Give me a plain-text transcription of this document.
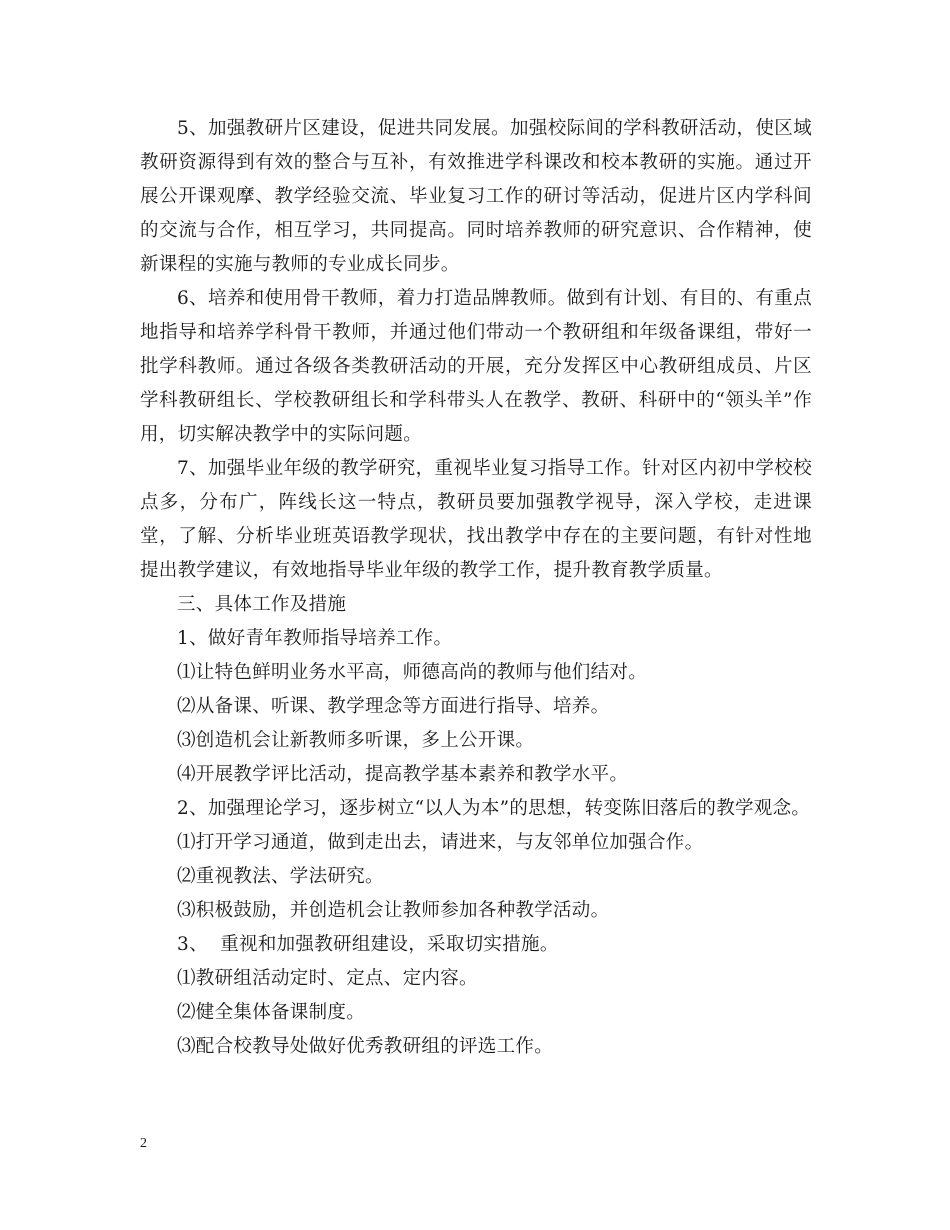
5、加强教研片区建设，促进共同发展。加强校际间的学科教研活动，使区域教研资源得到有效的整合与互补，有效推进学科课改和校本教研的实施。通过开展公开课观摩、教学经验交流、毕业复习工作的研讨等活动，促进片区内学科间的交流与合作，相互学习，共同提高。同时培养教师的研究意识、合作精神，使新课程的实施与教师的专业成长同步。

6、培养和使用骨干教师，着力打造品牌教师。做到有计划、有目的、有重点地指导和培养学科骨干教师，并通过他们带动一个教研组和年级备课组，带好一批学科教师。通过各级各类教研活动的开展，充分发挥区中心教研组成员、片区学科教研组长、学校教研组长和学科带头人在教学、教研、科研中的“领头羊”作用，切实解决教学中的实际问题。

7、加强毕业年级的教学研究，重视毕业复习指导工作。针对区内初中学校校点多，分布广，阵线长这一特点，教研员要加强教学视导，深入学校，走进课堂，了解、分析毕业班英语教学现状，找出教学中存在的主要问题，有针对性地提出教学建议，有效地指导毕业年级的教学工作，提升教育教学质量。

三、具体工作及措施

1、做好青年教师指导培养工作。

⑴让特色鲜明业务水平高，师德高尚的教师与他们结对。

⑵从备课、听课、教学理念等方面进行指导、培养。

⑶创造机会让新教师多听课，多上公开课。

⑷开展教学评比活动，提高教学基本素养和教学水平。

2、加强理论学习，逐步树立“以人为本”的思想，转变陈旧落后的教学观念。

⑴打开学习通道，做到走出去，请进来，与友邻单位加强合作。

⑵重视教法、学法研究。

⑶积极鼓励，并创造机会让教师参加各种教学活动。

3、  重视和加强教研组建设，采取切实措施。

⑴教研组活动定时、定点、定内容。

⑵健全集体备课制度。

⑶配合校教导处做好优秀教研组的评选工作。

2
